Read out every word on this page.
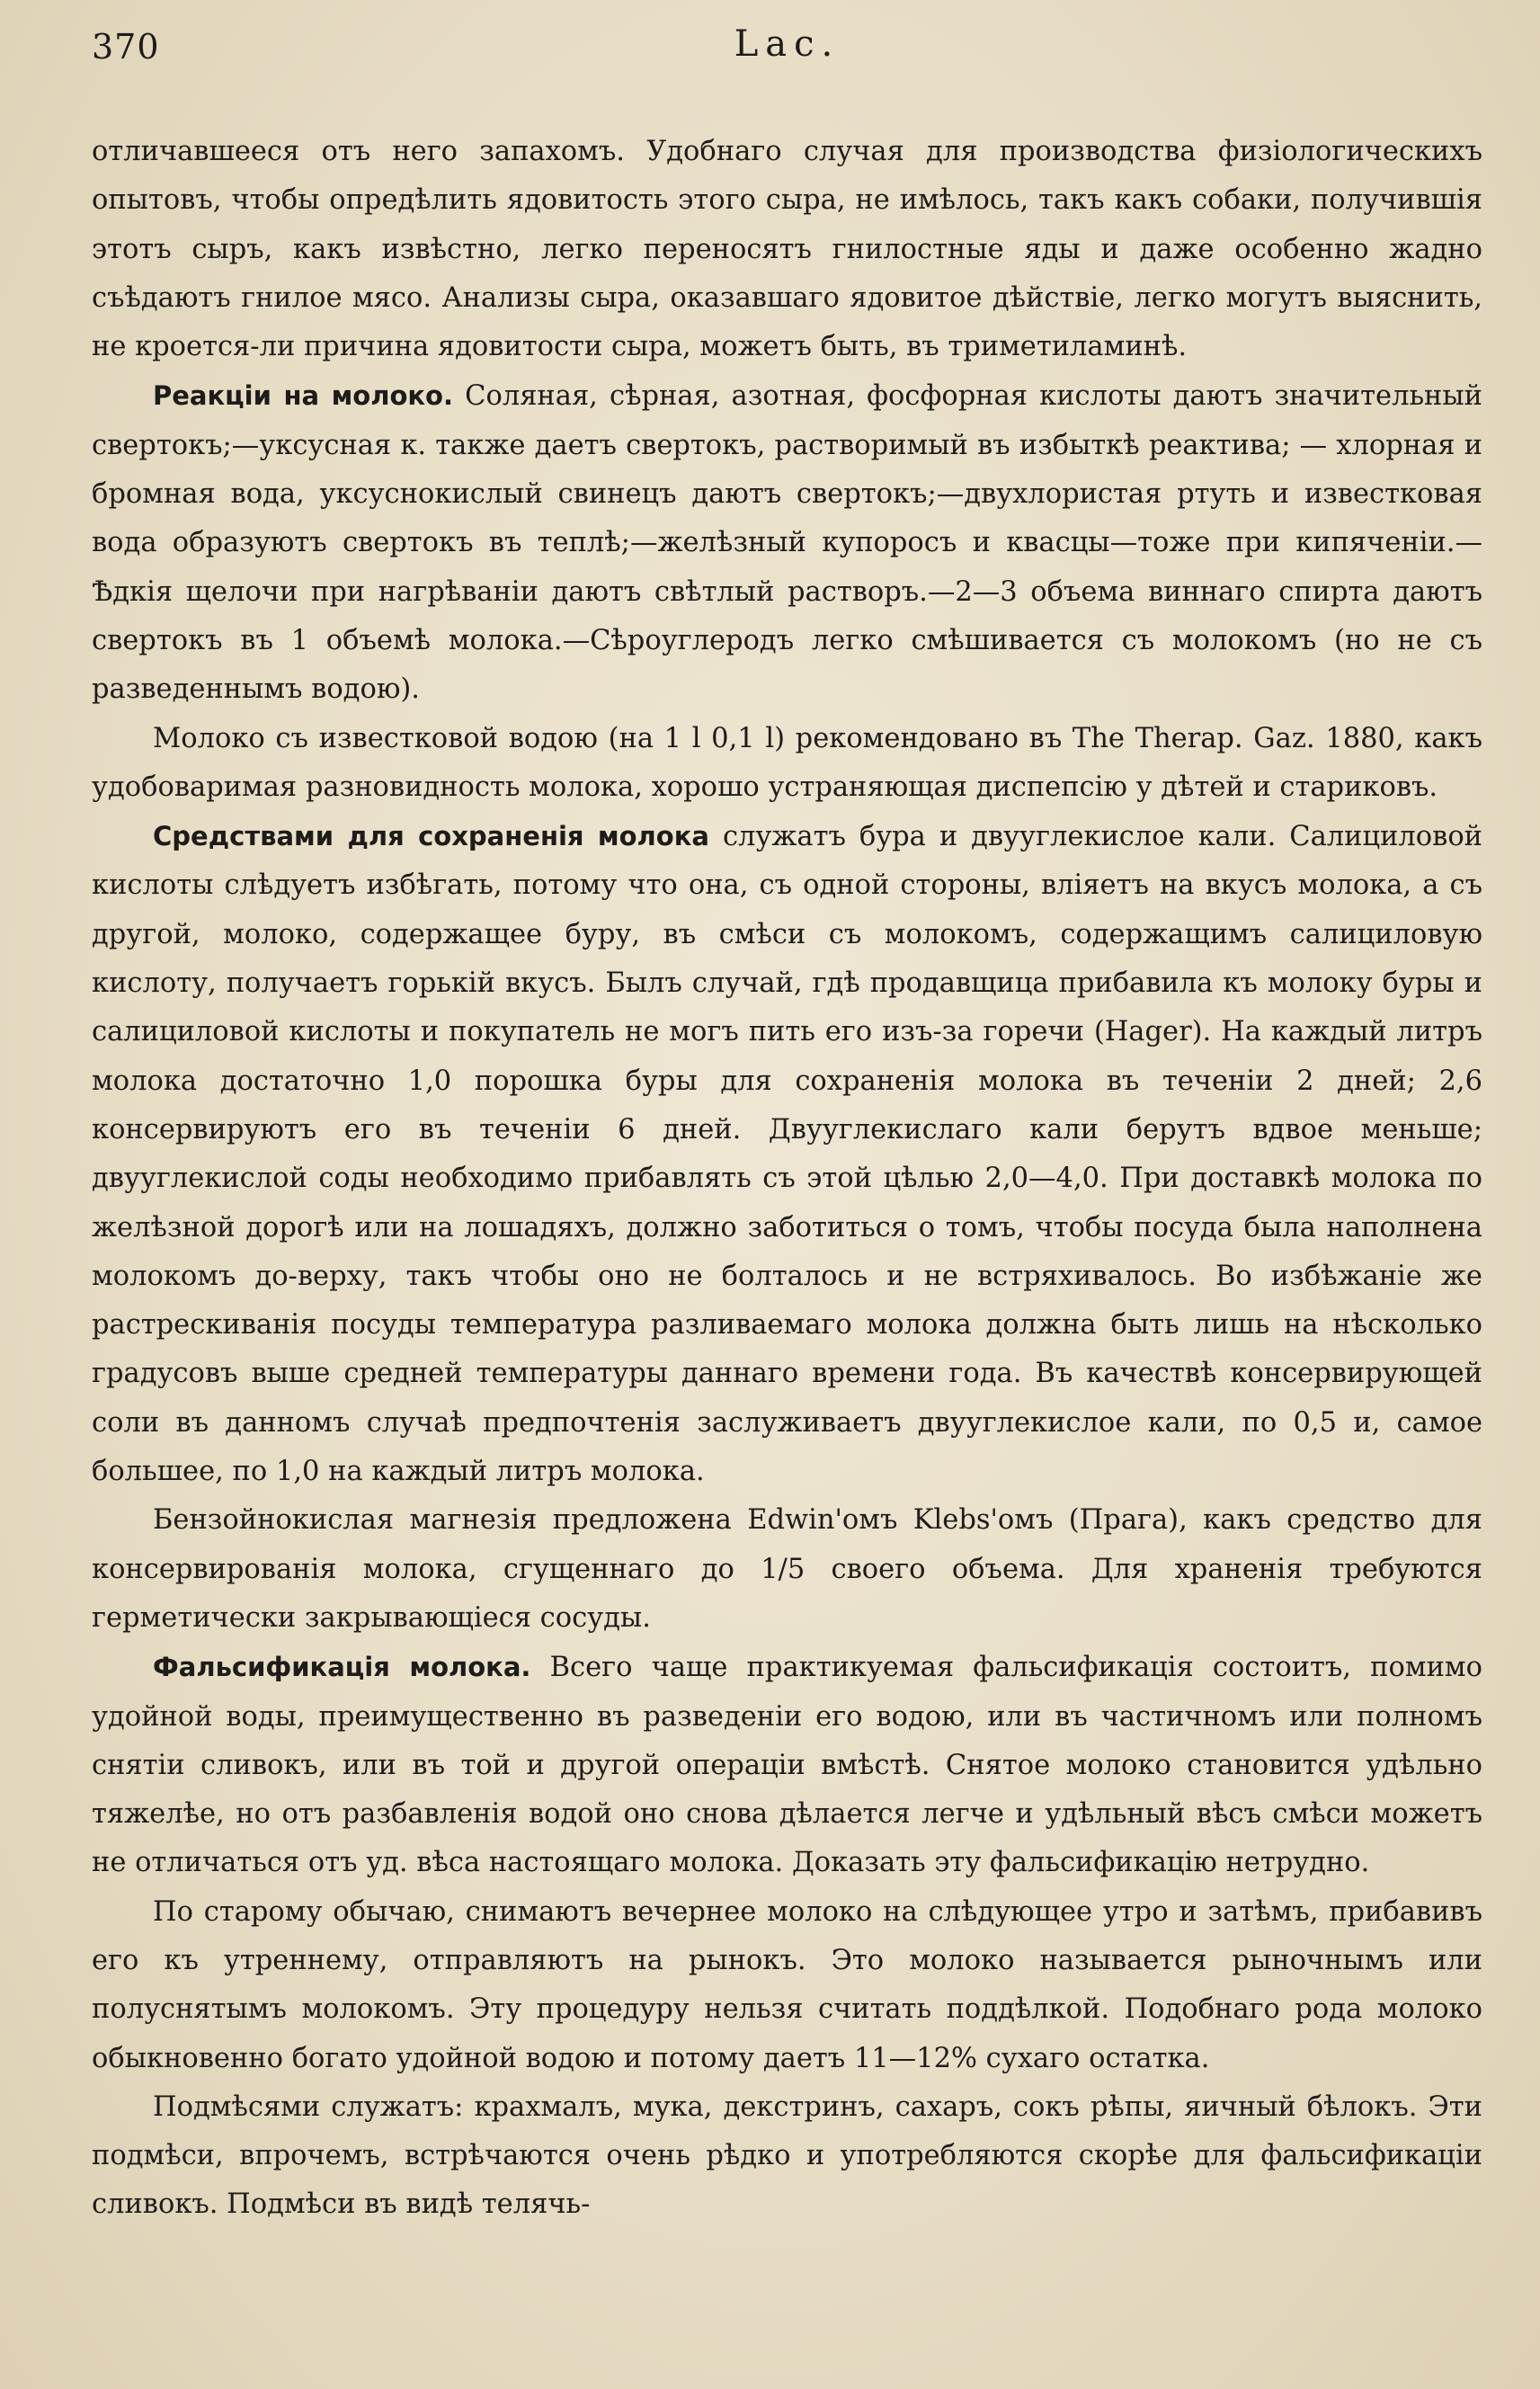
370	Lac.

отличавшееся отъ него запахомъ. Удобнаго случая для производства физіологическихъ опытовъ, чтобы опредѣлить ядовитость этого сыра, не имѣлось, такъ какъ собаки, получившія этотъ сыръ, какъ извѣстно, легко переносятъ гнилостные яды и даже особенно жадно съѣдаютъ гнилое мясо. Анализы сыра, оказавшаго ядовитое дѣйствіе, легко могутъ выяснить, не кроется-ли причина ядовитости сыра, можетъ быть, въ триметиламинѣ.

Реакціи на молоко. Соляная, сѣрная, азотная, фосфорная кислоты даютъ значительный свертокъ;—уксусная к. также даетъ свертокъ, растворимый въ избыткѣ реактива; — хлорная и бромная вода, уксуснокислый свинецъ даютъ свертокъ;—двухлористая ртуть и известковая вода образуютъ свертокъ въ теплѣ;—желѣзный купоросъ и квасцы—тоже при кипяченіи.—Ѣдкія щелочи при нагрѣваніи даютъ свѣтлый растворъ.—2—3 объема виннаго спирта даютъ свертокъ въ 1 объемѣ молока.—Сѣроуглеродъ легко смѣшивается съ молокомъ (но не съ разведеннымъ водою).

Молоко съ известковой водою (на 1 l 0,1 l) рекомендовано въ The Therap. Gaz. 1880, какъ удобоваримая разновидность молока, хорошо устраняющая диспепсію у дѣтей и стариковъ.

Средствами для сохраненія молока служатъ бура и двууглекислое кали. Салициловой кислоты слѣдуетъ избѣгать, потому что она, съ одной стороны, вліяетъ на вкусъ молока, а съ другой, молоко, содержащее буру, въ смѣси съ молокомъ, содержащимъ салициловую кислоту, получаетъ горькій вкусъ. Былъ случай, гдѣ продавщица прибавила къ молоку буры и салициловой кислоты и покупатель не могъ пить его изъ-за горечи (Hager). На каждый литръ молока достаточно 1,0 порошка буры для сохраненія молока въ теченіи 2 дней; 2,6 консервируютъ его въ теченіи 6 дней. Двууглекислаго кали берутъ вдвое меньше; двууглекислой соды необходимо прибавлять съ этой цѣлью 2,0—4,0. При доставкѣ молока по желѣзной дорогѣ или на лошадяхъ, должно заботиться о томъ, чтобы посуда была наполнена молокомъ до-верху, такъ чтобы оно не болталось и не встряхивалось. Во избѣжаніе же растрескиванія посуды температура разливаемаго молока должна быть лишь на нѣсколько градусовъ выше средней температуры даннаго времени года. Въ качествѣ консервирующей соли въ данномъ случаѣ предпочтенія заслуживаетъ двууглекислое кали, по 0,5 и, самое большее, по 1,0 на каждый литръ молока.

Бензойнокислая магнезія предложена Edwin'омъ Klebs'омъ (Прага), какъ средство для консервированія молока, сгущеннаго до 1/5 своего объема. Для храненія требуются герметически закрывающіеся сосуды.

Фальсификація молока. Всего чаще практикуемая фальсификація состоитъ, помимо удойной воды, преимущественно въ разведеніи его водою, или въ частичномъ или полномъ снятіи сливокъ, или въ той и другой операціи вмѣстѣ. Снятое молоко становится удѣльно тяжелѣе, но отъ разбавленія водой оно снова дѣлается легче и удѣльный вѣсъ смѣси можетъ не отличаться отъ уд. вѣса настоящаго молока. Доказать эту фальсификацію нетрудно.

По старому обычаю, снимаютъ вечернее молоко на слѣдующее утро и затѣмъ, прибавивъ его къ утреннему, отправляютъ на рынокъ. Это молоко называется рыночнымъ или полуснятымъ молокомъ. Эту процедуру нельзя считать поддѣлкой. Подобнаго рода молоко обыкновенно богато удойной водою и потому даетъ 11—12% сухаго остатка.

Подмѣсями служатъ: крахмалъ, мука, декстринъ, сахаръ, сокъ рѣпы, яичный бѣлокъ. Эти подмѣси, впрочемъ, встрѣчаются очень рѣдко и употребляются скорѣе для фальсификаціи сливокъ. Подмѣси въ видѣ телячь-
